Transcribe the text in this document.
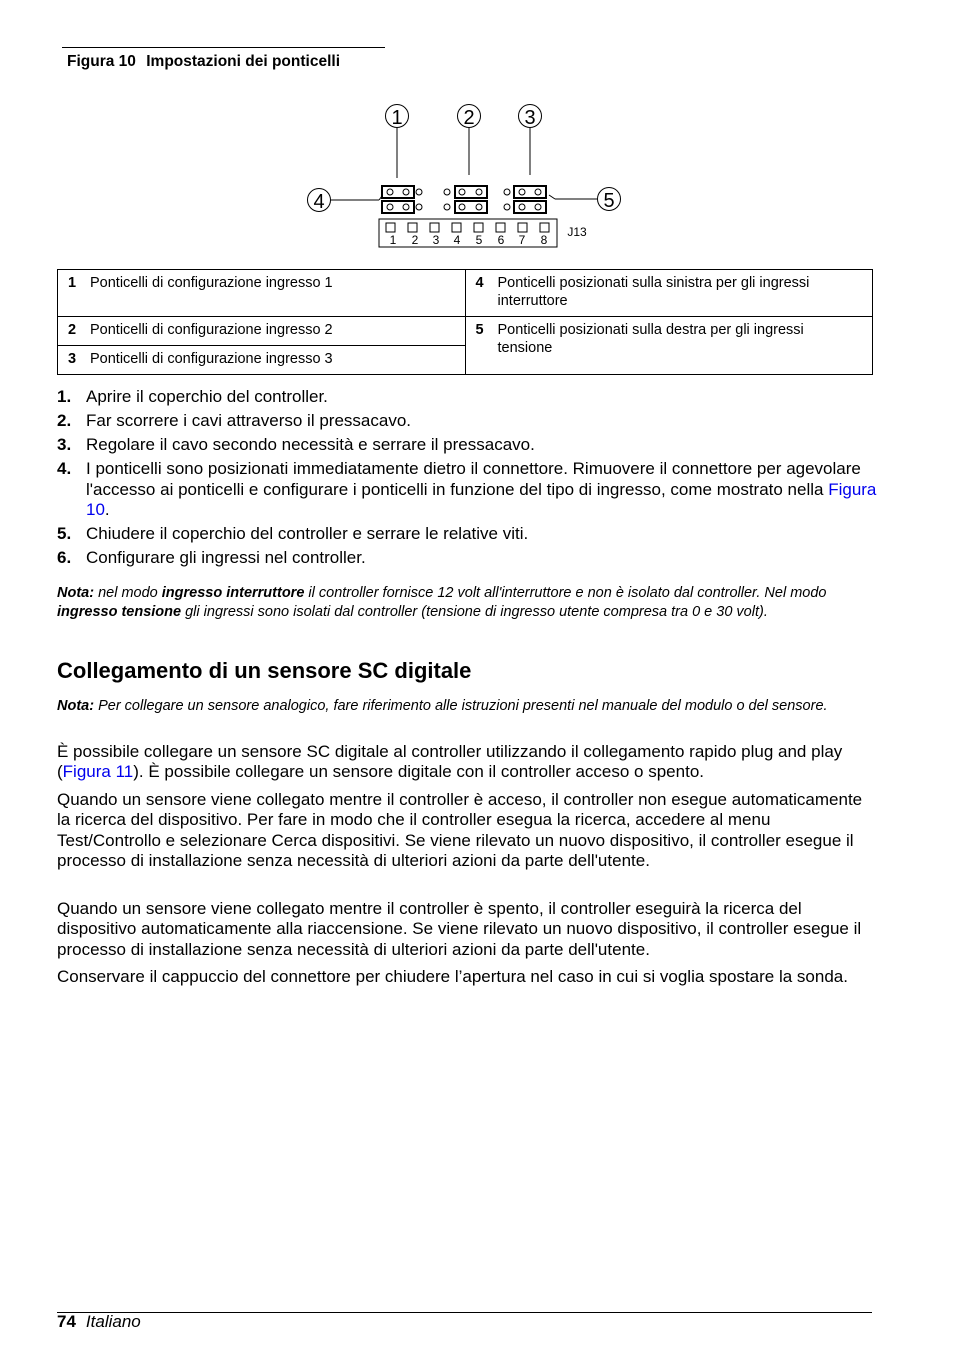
Figura 10 Impostazioni dei ponticelli
1	2 3
4	5
1 2 3 4 5 6 7 8
J13
1 Ponticelli di configurazione ingresso 1	4 Ponticelli posizionati sulla sinistra per gli ingressi interruttore
2 Ponticelli di configurazione ingresso 2	5 Ponticelli posizionati sulla destra per gli ingressi tensione
3 Ponticelli di configurazione ingresso 3	
1. Aprire il coperchio del controller.
2. Far scorrere i cavi attraverso il pressacavo.
3. Regolare il cavo secondo necessità e serrare il pressacavo.
4. I ponticelli sono posizionati immediatamente dietro il connettore. Rimuovere il connettore per agevolare l'accesso ai ponticelli e configurare i ponticelli in funzione del tipo di ingresso, come mostrato nella Figura 10.
5. Chiudere il coperchio del controller e serrare le relative viti.
6. Configurare gli ingressi nel controller.
Nota: nel modo ingresso interruttore il controller fornisce 12 volt all'interruttore e non è isolato dal controller. Nel modo ingresso tensione gli ingressi sono isolati dal controller (tensione di ingresso utente compresa tra 0 e 30 volt).
Collegamento di un sensore SC digitale
Nota: Per collegare un sensore analogico, fare riferimento alle istruzioni presenti nel manuale del modulo o del sensore.

È possibile collegare un sensore SC digitale al controller utilizzando il collegamento rapido plug and play (Figura 11). È possibile collegare un sensore digitale con il controller acceso o spento.

Quando un sensore viene collegato mentre il controller è acceso, il controller non esegue automaticamente la ricerca del dispositivo. Per fare in modo che il controller esegua la ricerca, accedere al menu Test/Controllo e selezionare Cerca dispositivi. Se viene rilevato un nuovo dispositivo, il controller esegue il processo di installazione senza necessità di ulteriori azioni da parte dell'utente.

Quando un sensore viene collegato mentre il controller è spento, il controller eseguirà la ricerca del dispositivo automaticamente alla riaccensione. Se viene rilevato un nuovo dispositivo, il controller esegue il processo di installazione senza necessità di ulteriori azioni da parte dell'utente.

Conservare il cappuccio del connettore per chiudere l’apertura nel caso in cui si voglia spostare la sonda.

74 Italiano
